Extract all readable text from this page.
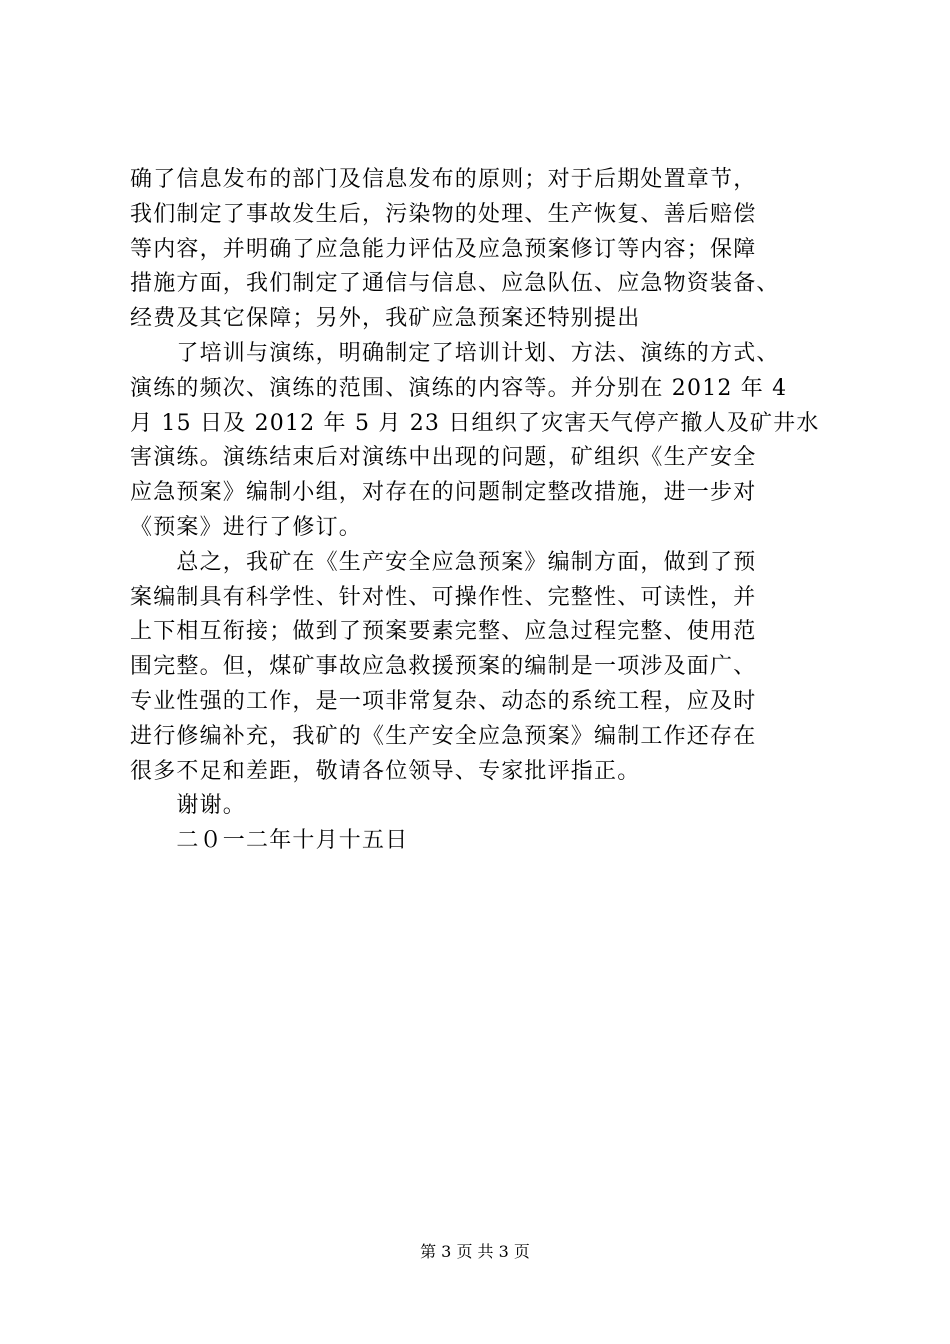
确了信息发布的部门及信息发布的原则；对于后期处置章节，
我们制定了事故发生后，污染物的处理、生产恢复、善后赔偿
等内容，并明确了应急能力评估及应急预案修订等内容；保障
措施方面，我们制定了通信与信息、应急队伍、应急物资装备、
经费及其它保障；另外，我矿应急预案还特别提出
　　了培训与演练，明确制定了培训计划、方法、演练的方式、
演练的频次、演练的范围、演练的内容等。并分别在 2012 年 4
月 15 日及 2012 年 5 月 23 日组织了灾害天气停产撤人及矿井水
害演练。演练结束后对演练中出现的问题，矿组织《生产安全
应急预案》编制小组，对存在的问题制定整改措施，进一步对
《预案》进行了修订。
　　总之，我矿在《生产安全应急预案》编制方面，做到了预
案编制具有科学性、针对性、可操作性、完整性、可读性，并
上下相互衔接；做到了预案要素完整、应急过程完整、使用范
围完整。但，煤矿事故应急救援预案的编制是一项涉及面广、
专业性强的工作，是一项非常复杂、动态的系统工程，应及时
进行修编补充，我矿的《生产安全应急预案》编制工作还存在
很多不足和差距，敬请各位领导、专家批评指正。
　　谢谢。
　　二０一二年十月十五日
第 3 页 共 3 页
